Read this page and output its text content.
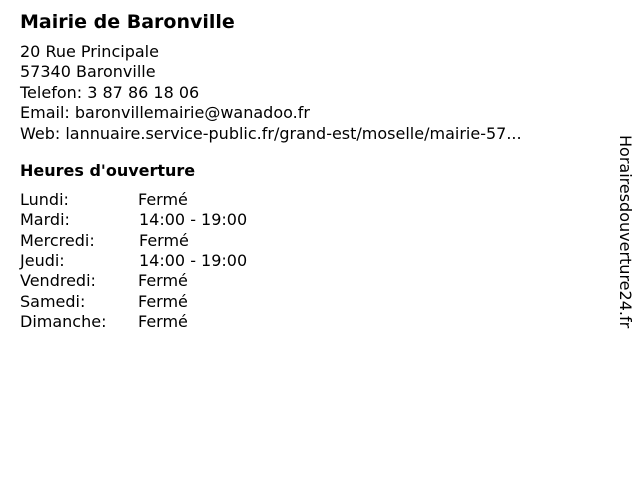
Mairie de Baronville
20 Rue Principale
57340 Baronville
Telefon: 3 87 86 18 06
Email: baronvillemairie@wanadoo.fr
Web: lannuaire.service-public.fr/grand-est/moselle/mairie-57...
Heures d'ouverture
Lundi:	Fermé
Mardi:	14:00 - 19:00
Mercredi:	Fermé
Jeudi:	14:00 - 19:00
Vendredi:	Fermé
Samedi:	Fermé
Dimanche: Fermé	Horairesdouverture24.fr
